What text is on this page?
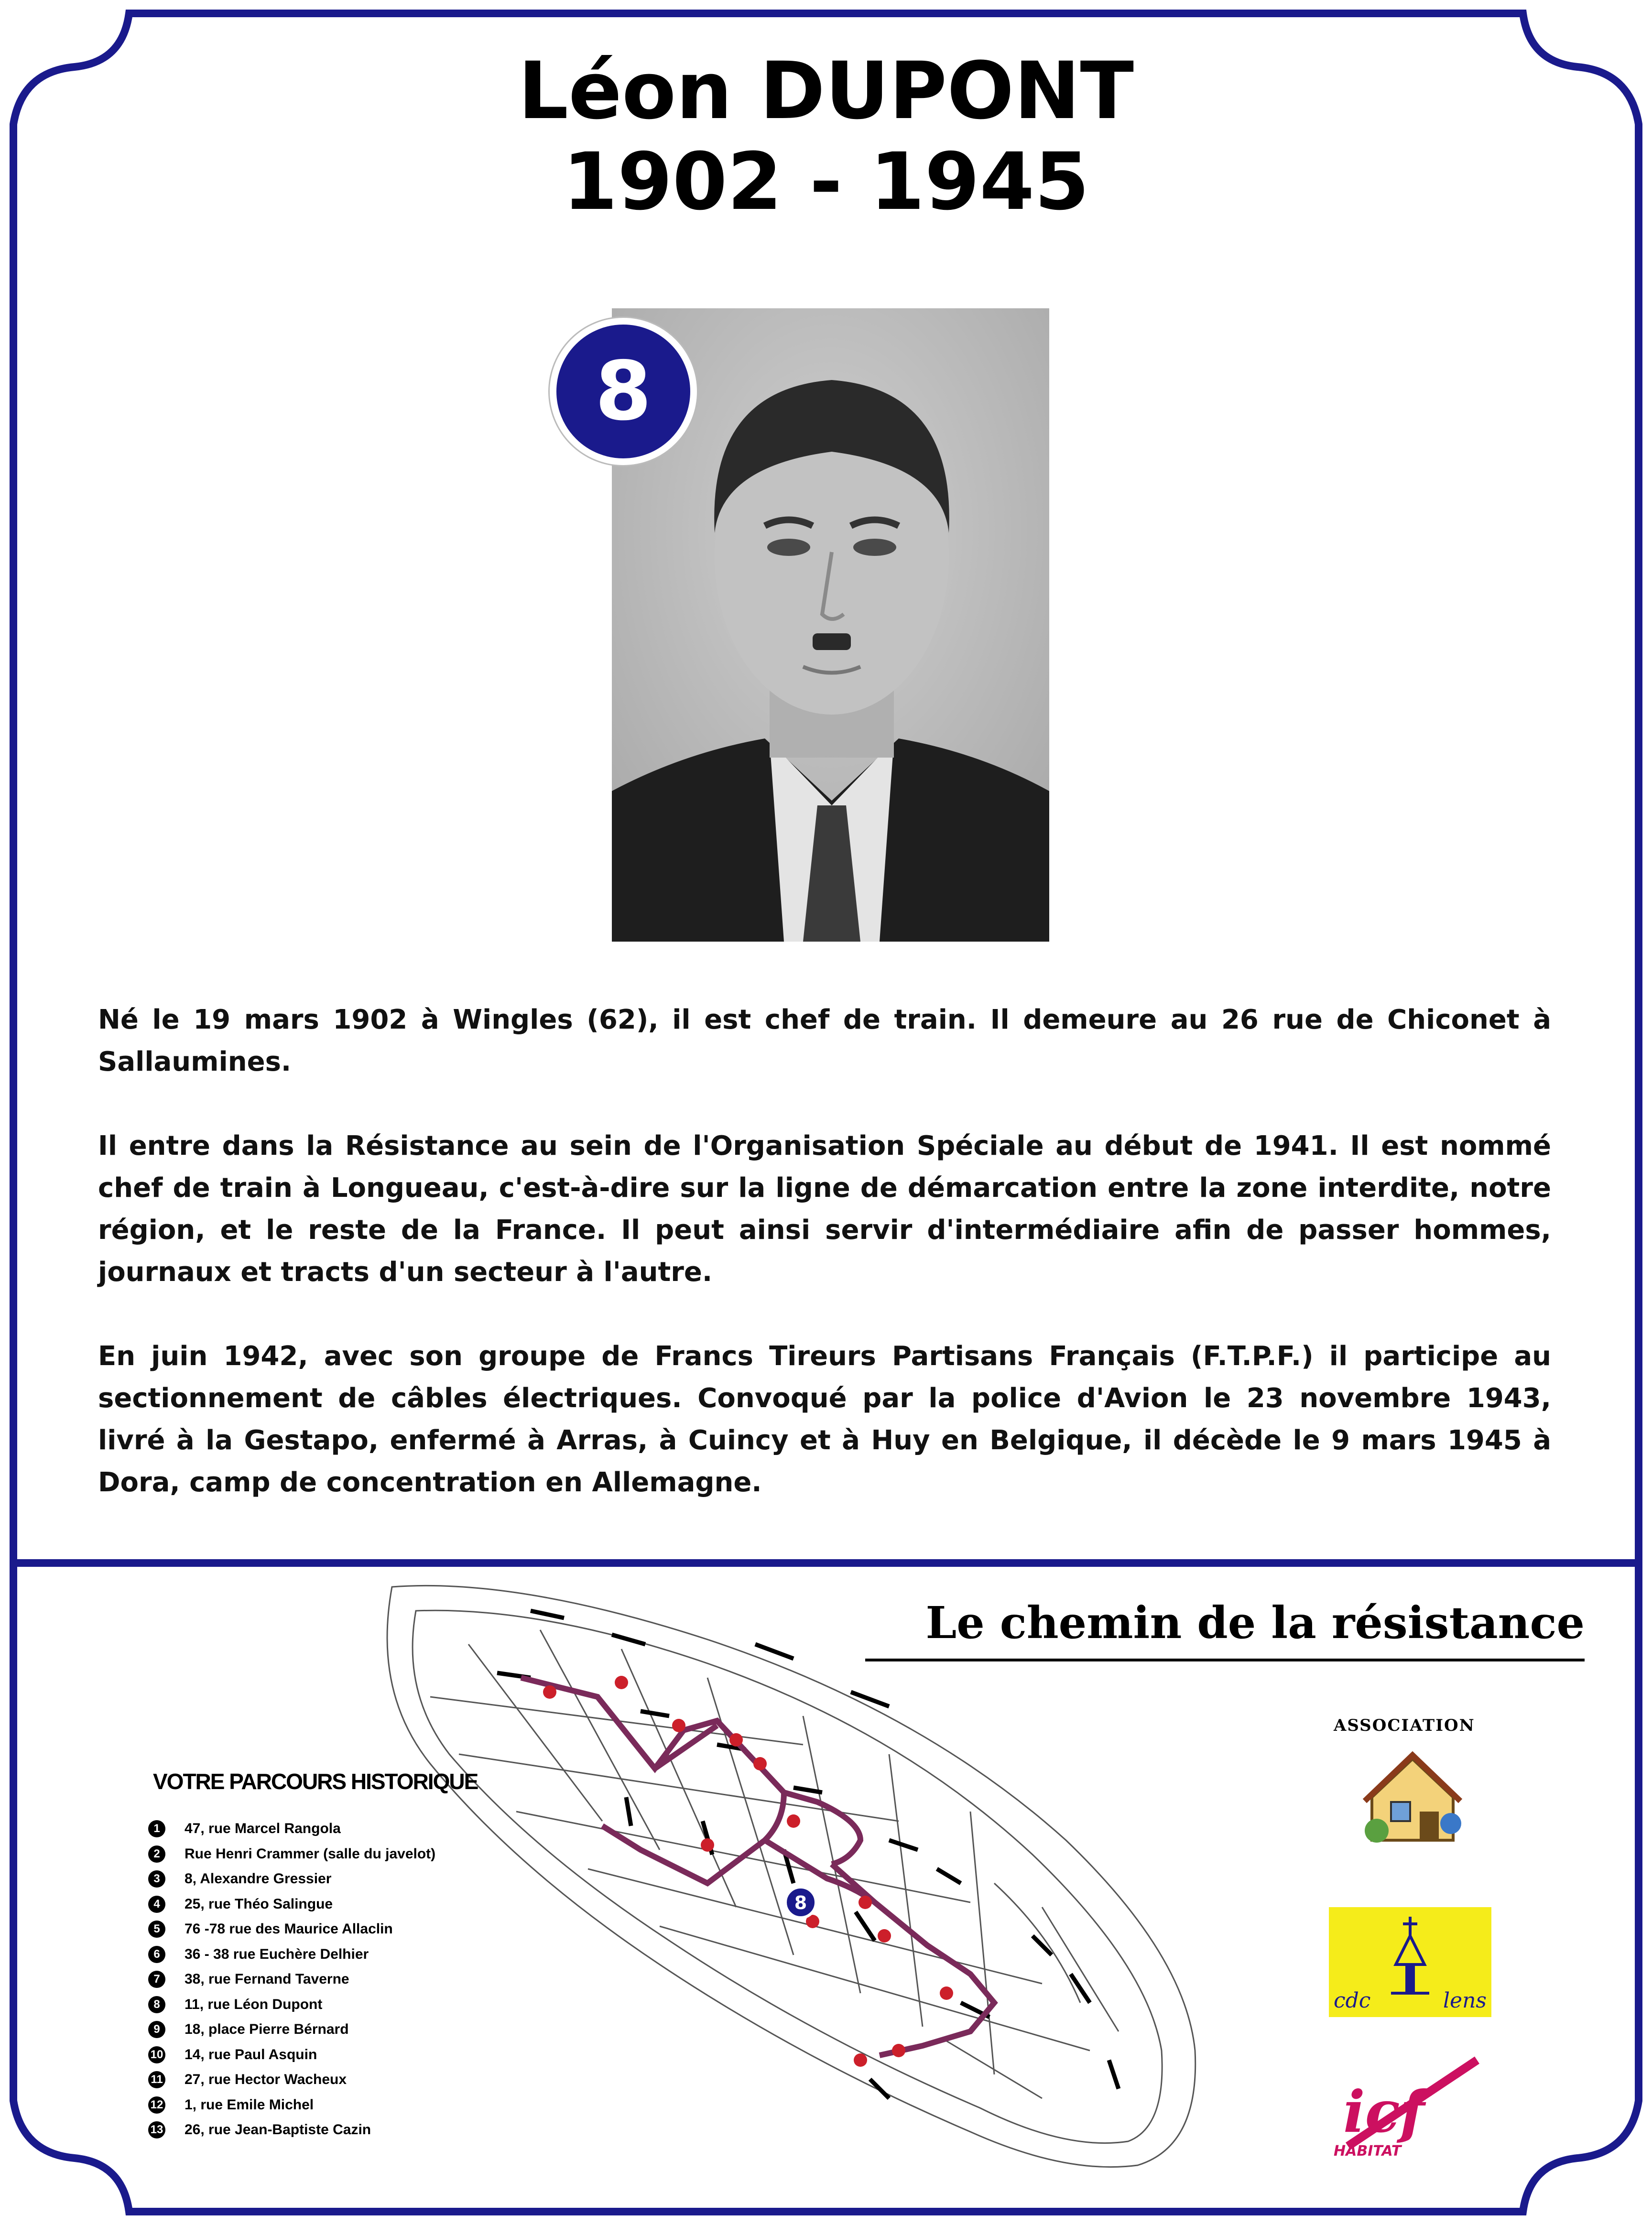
Léon DUPONT
1902 - 1945
8

Né le 19 mars 1902 à Wingles (62), il est chef de train. Il demeure au 26 rue de Chiconet à Sallaumines.

Il entre dans la Résistance au sein de l'Organisation Spéciale au début de 1941. Il est nommé chef de train à Longueau, c'est-à-dire sur la ligne de démarcation entre la zone interdite, notre région, et le reste de la France. Il peut ainsi servir d'intermédiaire afin de passer hommes, journaux et tracts d'un secteur à l'autre.

En juin 1942, avec son groupe de Francs Tireurs Partisans Français (F.T.P.F.) il participe au sectionnement de câbles électriques. Convoqué par la police d'Avion le 23 novembre 1943, livré à la Gestapo, enfermé à Arras, à Cuincy et à Huy en Belgique, il décède le 9 mars 1945 à Dora, camp de concentration en Allemagne.

8
Le chemin de la résistance
VOTRE PARCOURS HISTORIQUE
1	47, rue Marcel Rangola
2	Rue Henri Crammer (salle du javelot)
3	8, Alexandre Gressier
4	25, rue Théo Salingue
5	76 -78 rue des Maurice Allaclin
6	36 - 38 rue Euchère Delhier
7	38, rue Fernand Taverne
8	11, rue Léon Dupont
9	18, place Pierre Bérnard
10 14, rue Paul Asquin
11 27, rue Hector Wacheux
12 1, rue Emile Michel
13 26, rue Jean-Baptiste Cazin
ASSOCIATION
cdc	lens
icf
HABITAT
